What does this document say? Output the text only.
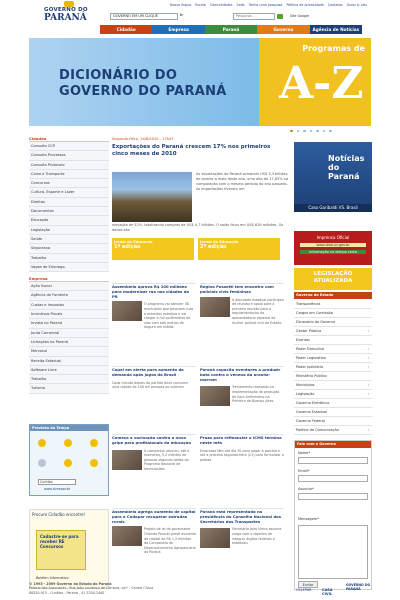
GOVERNO DO
PARANÁ
Nossa língua Escola Comunidades Índia Tenha uma pesquisa Política de privacidade Contatos Guias & Leis
GOVERNO EM UM CLIQUE	ir	Pesquise...	Site Google
Cidadão	Empresa	Paraná	Governo	Agência de Notícias
DICIONÁRIO DO
GOVERNO DO PARANÁ
Programas de
A-Z
Cidadão
Consulta CCP
Consulta Processos
Consulta Protocolo
Caixa e Transporte
Concursos
Cultura, Esporte e Lazer
Direitos
Documentos
Educação
Legislação
Saúde
Segurança
Trabalho
Vagas de Emprego
Empresa
Ação Social
Agência de Fomento
Custas e Impostos
Incentivos Fiscais
Invista no Paraná
Junta Comercial
Licitações no Paraná
Mercosul
Receita Estadual
Software Livre
Trabalho
Turismo
Previsão do Tempo
Curitiba
www.simepar.br
Procure Cidadão encontre!
Cadastre-se para receber RE Concursos
Boletim Informativo
Segunda-Feira, 14/6/2010 - 17h47
Exportações do Paraná crescem 17% nos primeiros cinco meses de 2010
As exportações do Paraná somaram US$ 5,3 bilhões de janeiro a maio deste ano, uma alta de 17,85% na comparação com o mesmo período do ano passado. As importações tiveram um
elevação de 52%, totalizando compras de US$ 4,7 bilhões. O saldo ficou em US$ 626 milhões. Os dados são
Jornal da Educação
1ª edição
Jornal da Educação
2ª edição
Assembleia aprova R$ 100 milhões para modernizar rua nas cidades do PR
O programa vai atender 38 municípios que possuem ruas e avenidas estreitas e vai chegar a mil quilômetros de vias com seis metros de largura em média.
Regina Possetti tem encontro com policiais civis femininas
A deputada estadual participou de reunião e apoio para a primeira reunião para a regulamentação da aposentadoria especial da mulher policial civil do Estado
Copel em alerta para aumento da demanda após jogos do Brasil
Cada minuto depois da partida deve consumir uma cidade de 100 mil pessoas ao subirem
Paraná capacita eventores a produzir bota contra o veneno da aranha-marrom
Treinamento realizado na implementação da produção de Soro Antiveneno na Primeira de Buenos Aires
Começa a vacinação contra a nova gripe para profissionais da educação
A campanha vacinou, até o momento, 5,2 milhões de pessoas segundo dados do Programa Nacional de Imunizações
Prazo para refinanciar o ICMS termina neste mês
Empresas têm até dia 30 para pagar à parcela e até a próxima segunda-feira (21) para formalizar o pedido
Assembleia agrega aumento de capital para a Codapar recuperar estradas rurais
Projeto de lei do governador Orlando Pessuti prevê aumento de capital de R$ 1,5 milhões da Companhia de Desenvolvimento Agropecuário do Paraná
Paraná está representado na presidência do Conselho Nacional dos Secretários dos Transportes
Secretário Jairo Vieira assume cargo com o objetivo de integrar órgãos federais e estaduais
Notícias do
Paraná
Caso Garibaldi VS. Brasil
Imprensa Oficial
www.dioe.pr.gov.br
Informação na tempo certa
LEGISLAÇÃO
ATUALIZADA
Governo do Estado
Transparência
Cargos em Comissão
Dicionário do Governo
Gestor Público	›
Eventos
Poder Executivo	›
Poder Legislativo	›
Poder Judiciário	›
Ministério Público
Municípios	›
Legislação	›
Governo Eletrônico
Governo Estadual
Governo Federal
Política de Comunicação	›
Fale com o Governo
Nome*
Email*
Assunto*
Mensagem*
Enviar
© 1995 - 2009 Governo do Estado do Paraná
Palácio das Araucárias - Rua João Lourenço de Campos, s/nº - Centro Cívico
80530-915 - Curitiba - Paraná - 41 3350-2400
CELEPAR	CASA CIVIL
GOVERNO DO PARANÁ
